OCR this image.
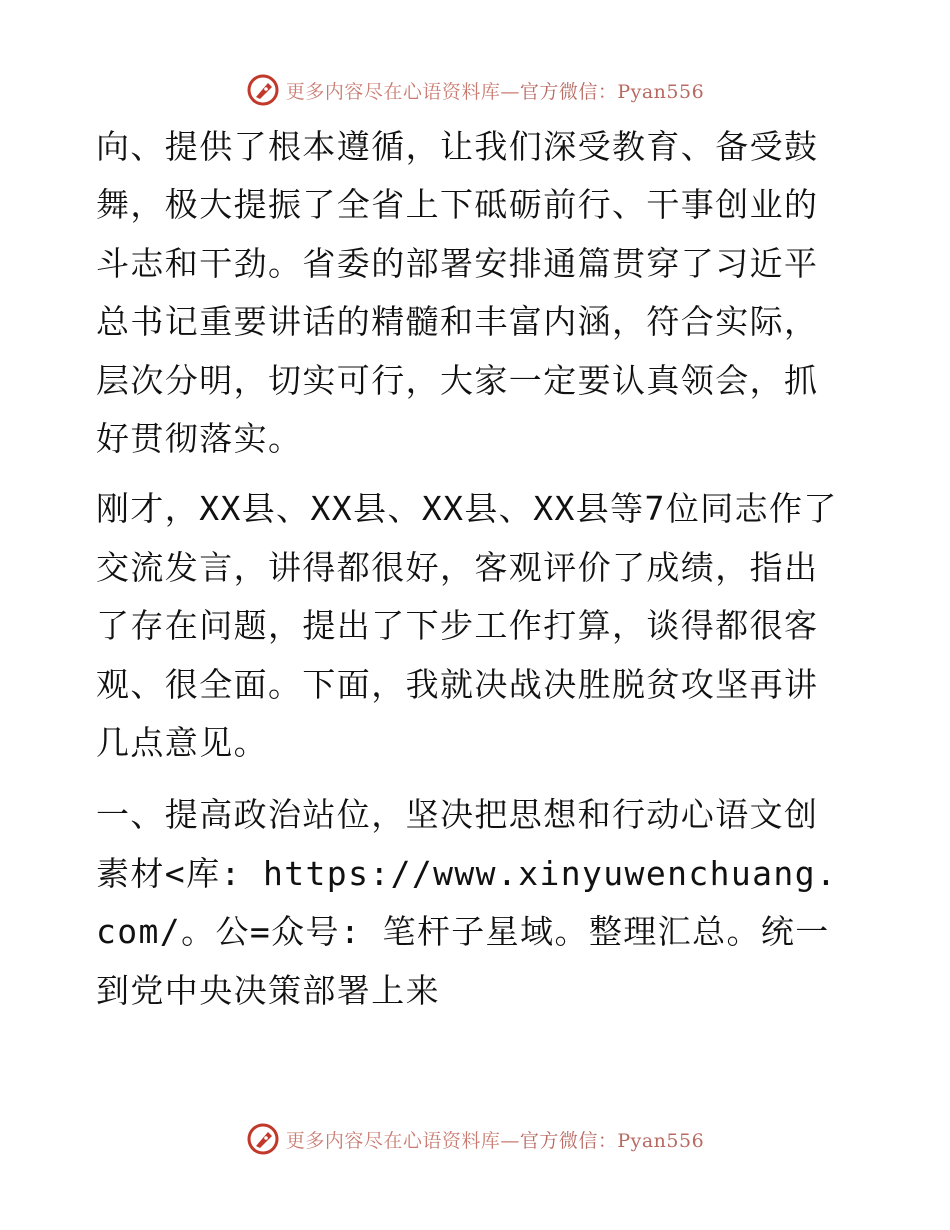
更多内容尽在心语资料库—官方微信：Pyan556

向、提供了根本遵循，让我们深受教育、备受鼓舞，极大提振了全省上下砥砺前行、干事创业的斗志和干劲。省委的部署安排通篇贯穿了习近平总书记重要讲话的精髓和丰富内涵，符合实际，层次分明，切实可行，大家一定要认真领会，抓好贯彻落实。

刚才，XX县、XX县、XX县、XX县等7位同志作了交流发言，讲得都很好，客观评价了成绩，指出了存在问题，提出了下步工作打算，谈得都很客观、很全面。下面，我就决战决胜脱贫攻坚再讲几点意见。

一、提高政治站位，坚决把思想和行动心语文创素材<库: https://www.xinyuwenchuang.com/。公=众号: 笔杆子星域。整理汇总。统一到党中央决策部署上来

更多内容尽在心语资料库—官方微信：Pyan556
